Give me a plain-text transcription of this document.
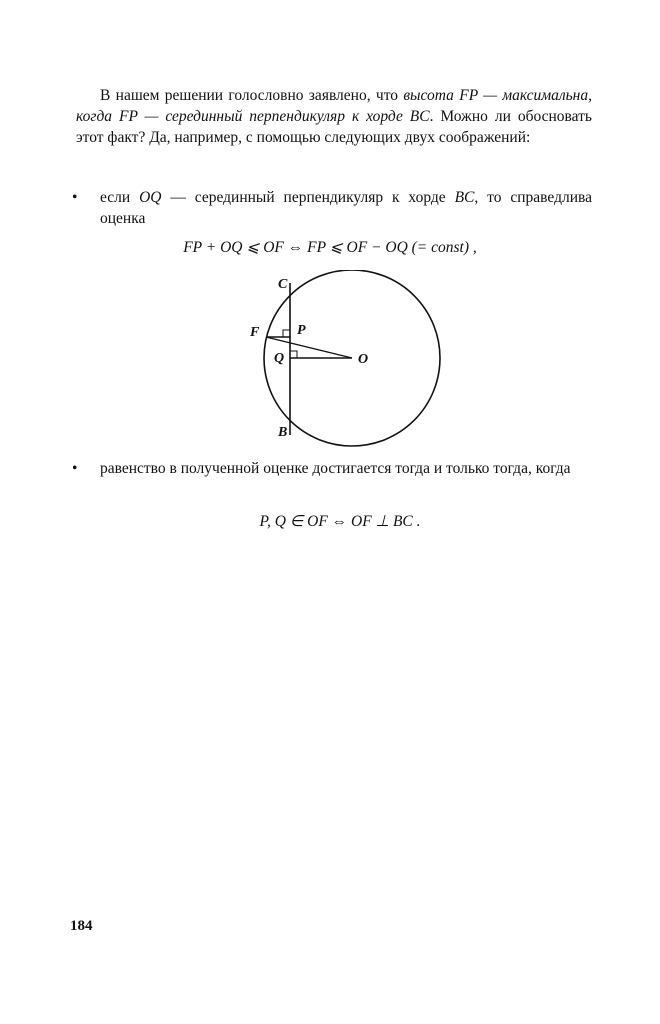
В нашем решении голословно заявлено, что высота FP — максимальна, когда FP — серединный перпендикуляр к хорде BC. Можно ли обосновать этот факт? Да, например, с помощью следующих двух соображений:
•	если OQ — серединный перпендикуляр к хорде BC, то справедлива оценка
FP + OQ ⩽ OF ⇔ FP ⩽ OF − OQ (= const) ,
C
F	P
Q	O
B
•	равенство в полученной оценке достигается тогда и только тогда, когда
P, Q ∈ OF ⇔ OF ⊥ BC .
184
